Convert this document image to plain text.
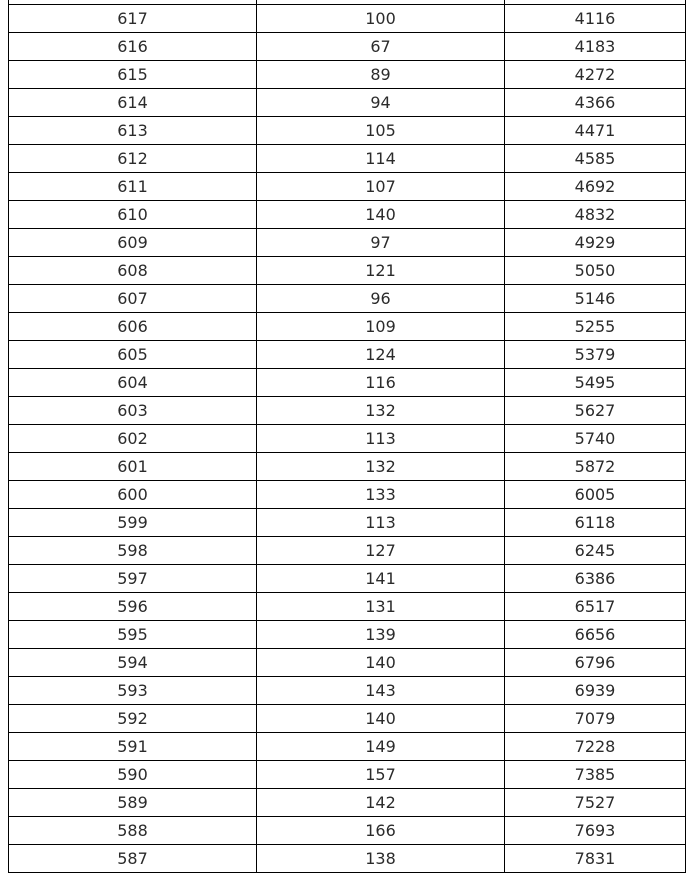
617	100	4116
616	67	4183
615	89	4272
614	94	4366
613	105	4471
612	114	4585
611	107	4692
610	140	4832
609	97	4929
608	121	5050
607	96	5146
606	109	5255
605	124	5379
604	116	5495
603	132	5627
602	113	5740
601	132	5872
600	133	6005
599	113	6118
598	127	6245
597	141	6386
596	131	6517
595	139	6656
594	140	6796
593	143	6939
592	140	7079
591	149	7228
590	157	7385
589	142	7527
588	166	7693
587	138	7831
